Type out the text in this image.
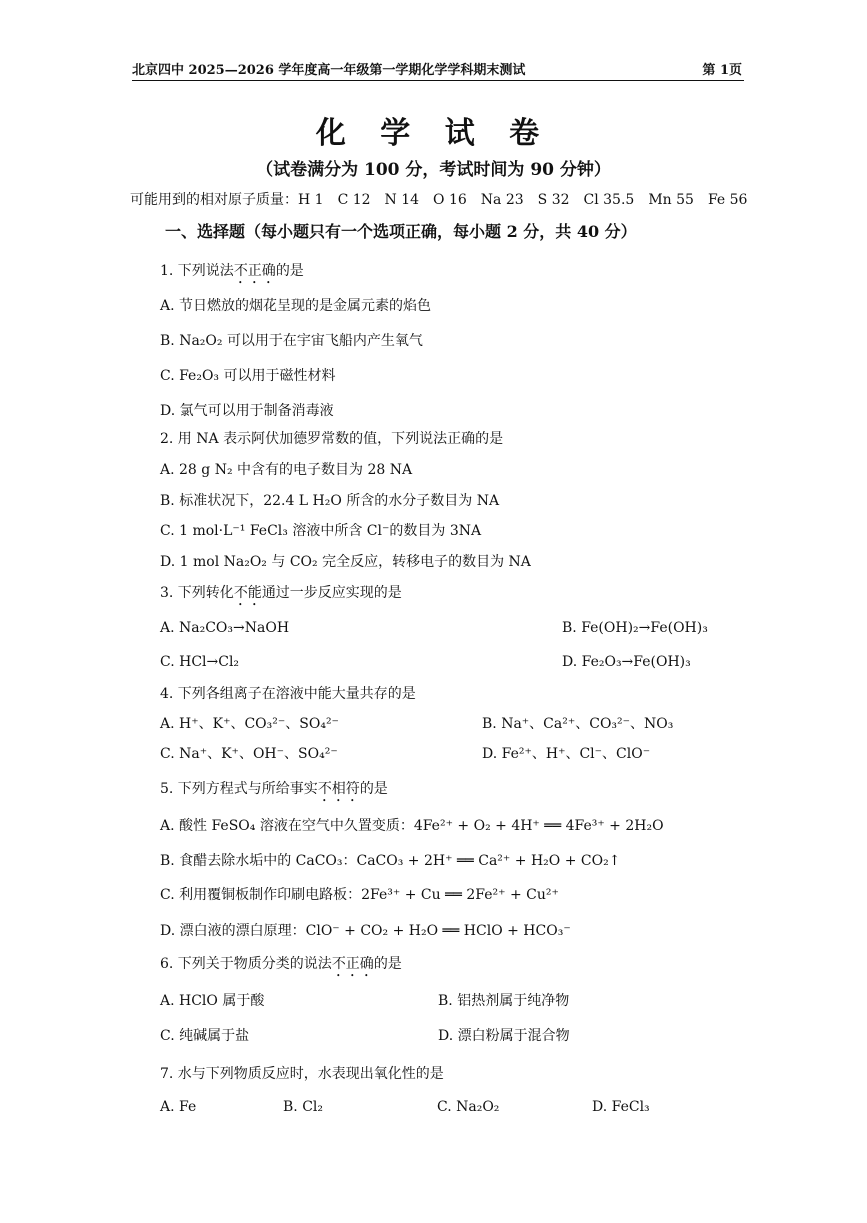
北京四中 2025—2026 学年度高一年级第一学期化学学科期末测试	第 1页
化 学 试 卷
（试卷满分为 100 分，考试时间为 90 分钟）
可能用到的相对原子质量：H 1　C 12　N 14　O 16　Na 23　S 32　Cl 35.5　Mn 55　Fe 56
一、选择题（每小题只有一个选项正确，每小题 2 分，共 40 分）
1. 下列说法不正确的是
A. 节日燃放的烟花呈现的是金属元素的焰色
B. Na₂O₂ 可以用于在宇宙飞船内产生氧气
C. Fe₂O₃ 可以用于磁性材料
D. 氯气可以用于制备消毒液
2. 用 NA 表示阿伏加德罗常数的值，下列说法正确的是
A. 28 g N₂ 中含有的电子数目为 28 NA
B. 标准状况下，22.4 L H₂O 所含的水分子数目为 NA
C. 1 mol·L⁻¹ FeCl₃ 溶液中所含 Cl⁻的数目为 3NA
D. 1 mol Na₂O₂ 与 CO₂ 完全反应，转移电子的数目为 NA
3. 下列转化不能通过一步反应实现的是
A. Na₂CO₃→NaOH	B. Fe(OH)₂→Fe(OH)₃
C. HCl→Cl₂	D. Fe₂O₃→Fe(OH)₃
4. 下列各组离子在溶液中能大量共存的是
A. H⁺、K⁺、CO₃²⁻、SO₄²⁻	B. Na⁺、Ca²⁺、CO₃²⁻、NO₃
C. Na⁺、K⁺、OH⁻、SO₄²⁻	D. Fe²⁺、H⁺、Cl⁻、ClO⁻
5. 下列方程式与所给事实不相符的是
A. 酸性 FeSO₄ 溶液在空气中久置变质：4Fe²⁺ + O₂ + 4H⁺ ══ 4Fe³⁺ + 2H₂O
B. 食醋去除水垢中的 CaCO₃：CaCO₃ + 2H⁺ ══ Ca²⁺ + H₂O + CO₂↑
C. 利用覆铜板制作印刷电路板：2Fe³⁺ + Cu ══ 2Fe²⁺ + Cu²⁺
D. 漂白液的漂白原理：ClO⁻ + CO₂ + H₂O ══ HClO + HCO₃⁻
6. 下列关于物质分类的说法不正确的是
A. HClO 属于酸	B. 铝热剂属于纯净物
C. 纯碱属于盐	D. 漂白粉属于混合物
7. 水与下列物质反应时，水表现出氧化性的是
A. Fe	B. Cl₂	C. Na₂O₂	D. FeCl₃
